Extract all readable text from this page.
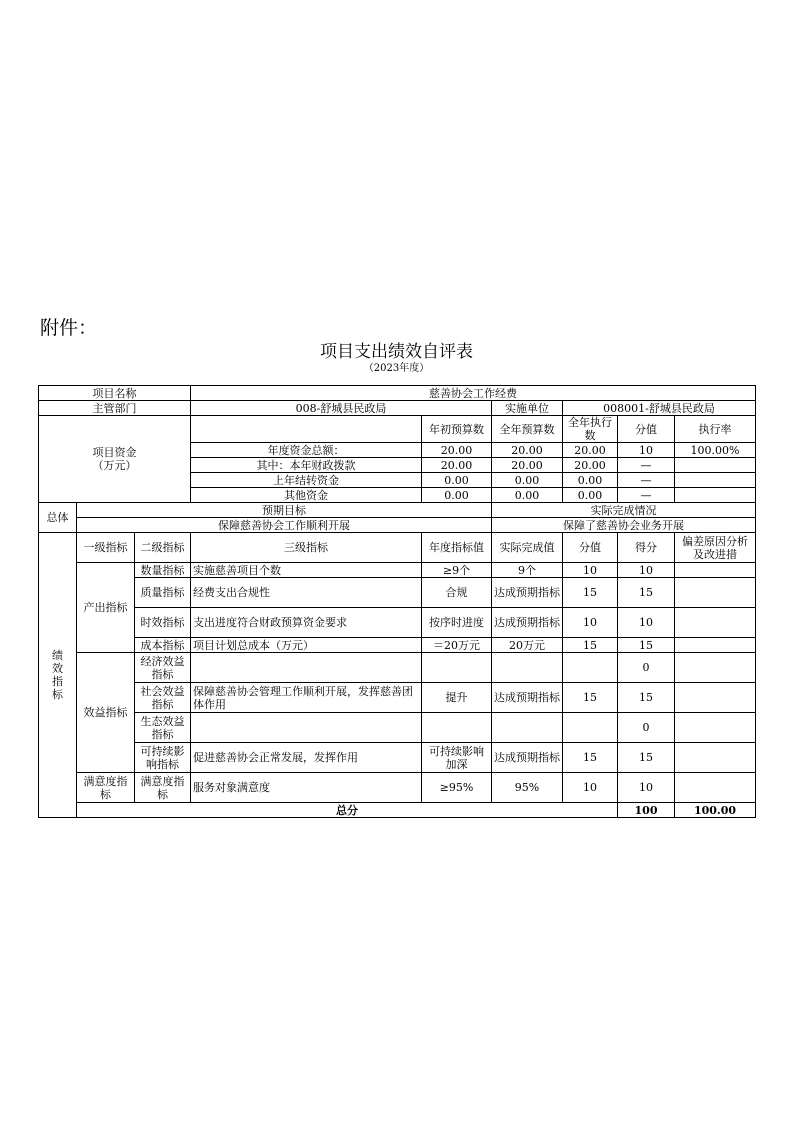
附件：
项目支出绩效自评表
（2023年度）
项目名称			慈善协会工作经费						
主管部门			008-舒城县民政局		实施单位	008001-舒城县民政局			

项目资金
（万元）				年初预算数	全年预算数	全年执行数	分值	执行率	
			年度资金总额：	20.00	20.00	20.00	10	100.00%	
			其中：本年财政拨款	20.00	20.00	20.00	—		
			上年结转资金	0.00	0.00	0.00	—		
			其他资金	0.00	0.00	0.00	—		
总体	预期目标				实际完成情况				
	保障慈善协会工作顺利开展				保障了慈善协会业务开展				
绩效指标	一级指标	二级指标	三级指标	年度指标值	实际完成值	分值	得分	偏差原因分析及改进措	
	产出指标	数量指标	实施慈善项目个数	≥9个	9个	10	10		
		质量指标	经费支出合规性	合规	达成预期指标	15	15		
		时效指标	支出进度符合财政预算资金要求	按序时进度	达成预期指标	10	10		
		成本指标	项目计划总成本（万元）	＝20万元	20万元	15	15		
	效益指标	经济效益指标					0		
		社会效益指标	保障慈善协会管理工作顺利开展，发挥慈善团体作用	提升	达成预期指标	15	15		
		生态效益指标					0		
		可持续影响指标	促进慈善协会正常发展，发挥作用	可持续影响加深	达成预期指标	15	15		
	满意度指标	满意度指标	服务对象满意度	≥95%	95%	10	10		
	总分						100	100.00	
